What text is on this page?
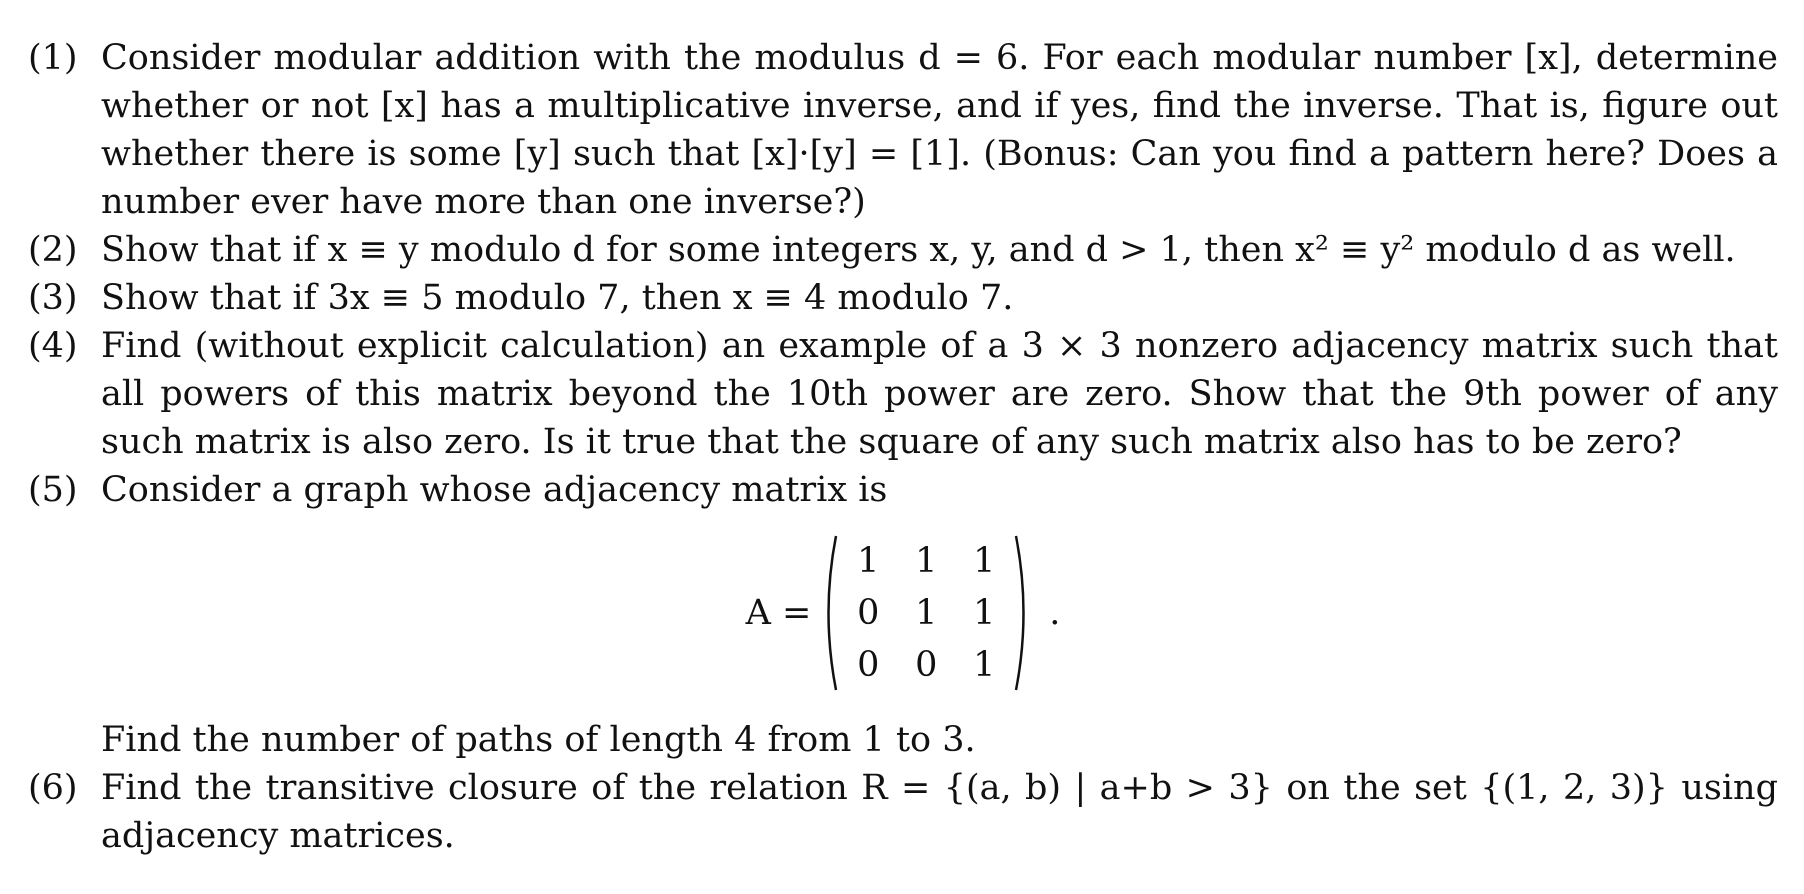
(1) Consider modular addition with the modulus d = 6. For each modular number [x], determine whether or not [x] has a multiplicative inverse, and if yes, find the inverse. That is, figure out whether there is some [y] such that [x]·[y] = [1]. (Bonus: Can you find a pattern here? Does a number ever have more than one inverse?)
(2) Show that if x ≡ y modulo d for some integers x, y, and d > 1, then x² ≡ y² modulo d as well.
(3) Show that if 3x ≡ 5 modulo 7, then x ≡ 4 modulo 7.
(4) Find (without explicit calculation) an example of a 3 × 3 nonzero adjacency matrix such that all powers of this matrix beyond the 10th power are zero. Show that the 9th power of any such matrix is also zero. Is it true that the square of any such matrix also has to be zero?
(5) Consider a graph whose adjacency matrix is
A =
1	1	1
0	1	1
0	0	1
.
Find the number of paths of length 4 from 1 to 3.
(6) Find the transitive closure of the relation R = {(a, b) | a+b > 3} on the set {(1, 2, 3)} using adjacency matrices.
